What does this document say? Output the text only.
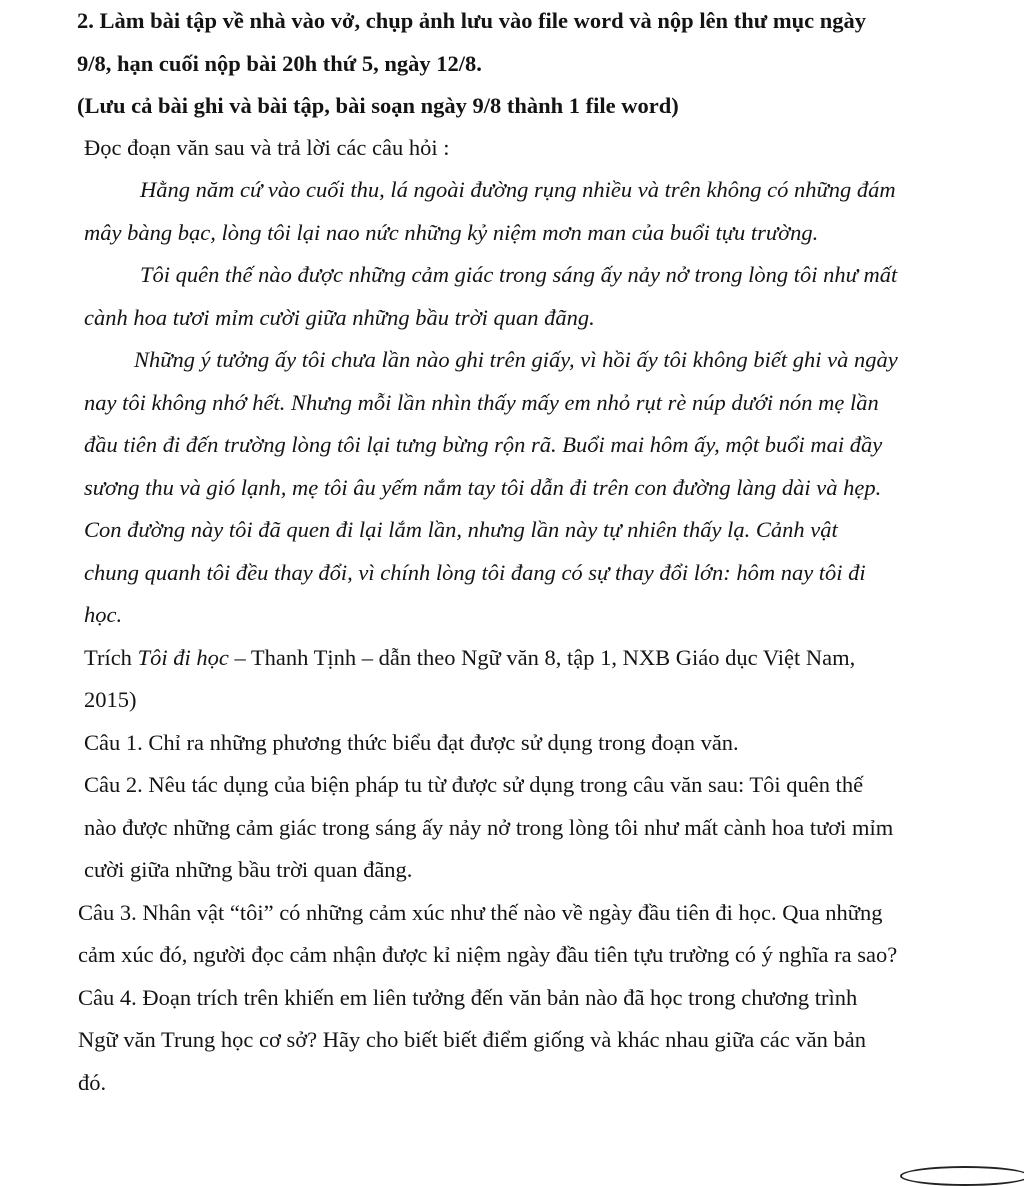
2. Làm bài tập về nhà vào vở, chụp ảnh lưu vào file word và nộp lên thư mục ngày
9/8, hạn cuối nộp bài 20h thứ 5, ngày 12/8.
(Lưu cả bài ghi và bài tập, bài soạn ngày 9/8 thành 1 file word)
Đọc đoạn văn sau và trả lời các câu hỏi :
Hằng năm cứ vào cuối thu, lá ngoài đường rụng nhiều và trên không có những đám
mây bàng bạc, lòng tôi lại nao nức những kỷ niệm mơn man của buổi tựu trường.
Tôi quên thế nào được những cảm giác trong sáng ấy nảy nở trong lòng tôi như mất
cành hoa tươi mỉm cười giữa những bầu trời quan đãng.
Những ý tưởng ấy tôi chưa lần nào ghi trên giấy, vì hồi ấy tôi không biết ghi và ngày
nay tôi không nhớ hết. Nhưng mỗi lần nhìn thấy mấy em nhỏ rụt rè núp dưới nón mẹ lần
đầu tiên đi đến trường lòng tôi lại tưng bừng rộn rã. Buổi mai hôm ấy, một buổi mai đầy
sương thu và gió lạnh, mẹ tôi âu yếm nắm tay tôi dẫn đi trên con đường làng dài và hẹp.
Con đường này tôi đã quen đi lại lắm lần, nhưng lần này tự nhiên thấy lạ. Cảnh vật
chung quanh tôi đều thay đổi, vì chính lòng tôi đang có sự thay đổi lớn: hôm nay tôi đi
học.
Trích Tôi đi học – Thanh Tịnh – dẫn theo Ngữ văn 8, tập 1, NXB Giáo dục Việt Nam,
2015)
Câu 1. Chỉ ra những phương thức biểu đạt được sử dụng trong đoạn văn.
Câu 2. Nêu tác dụng của biện pháp tu từ được sử dụng trong câu văn sau: Tôi quên thế
nào được những cảm giác trong sáng ấy nảy nở trong lòng tôi như mất cành hoa tươi mỉm
cười giữa những bầu trời quan đãng.
Câu 3. Nhân vật “tôi” có những cảm xúc như thế nào về ngày đầu tiên đi học. Qua những
cảm xúc đó, người đọc cảm nhận được kỉ niệm ngày đầu tiên tựu trường có ý nghĩa ra sao?
Câu 4. Đoạn trích trên khiến em liên tưởng đến văn bản nào đã học trong chương trình
Ngữ văn Trung học cơ sở? Hãy cho biết biết điểm giống và khác nhau giữa các văn bản
đó.
